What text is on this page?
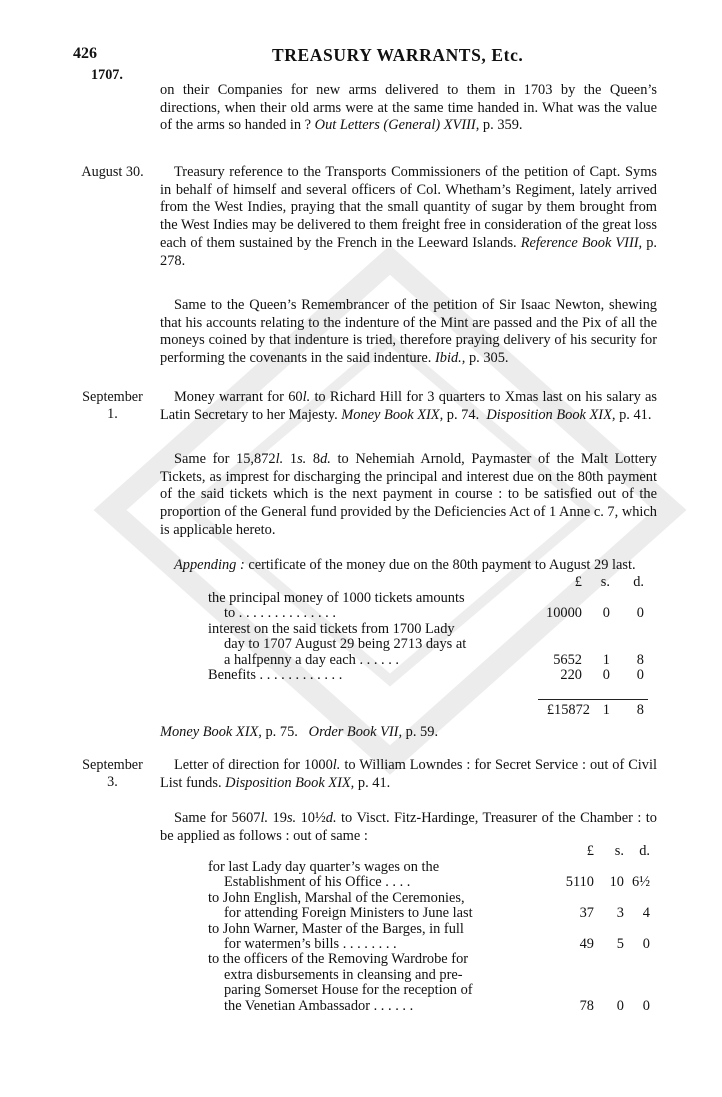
426	TREASURY WARRANTS, Etc.
1707.
on their Companies for new arms delivered to them in 1703 by the Queen’s directions, when their old arms were at the same time handed in. What was the value of the arms so handed in ? Out Letters (General) XVIII, p. 359.
August 30.	Treasury reference to the Transports Commissioners of the petition of Capt. Syms in behalf of himself and several officers of Col. Whetham’s Regiment, lately arrived from the West Indies, praying that the small quantity of sugar by them brought from the West Indies may be delivered to them freight free in consideration of the great loss each of them sustained by the French in the Leeward Islands. Reference Book VIII, p. 278.
Same to the Queen’s Remembrancer of the petition of Sir Isaac Newton, shewing that his accounts relating to the indenture of the Mint are passed and the Pix of all the moneys coined by that indenture is tried, therefore praying delivery of his security for performing the covenants in the said indenture. Ibid., p. 305.
September
1.
Money warrant for 60l. to Richard Hill for 3 quarters to Xmas last on his salary as Latin Secretary to her Majesty. Money Book XIX, p. 74. Disposition Book XIX, p. 41.
Same for 15,872l. 1s. 8d. to Nehemiah Arnold, Paymaster of the Malt Lottery Tickets, as imprest for discharging the principal and interest due on the 80th payment of the said tickets which is the next payment in course : to be satisfied out of the proportion of the General fund provided by the Deficiencies Act of 1 Anne c. 7, which is applicable hereto.
Appending : certificate of the money due on the 80th payment to August 29 last.
£	s.	d.
the principal money of 1000 tickets amounts
to . . . . . . . . . . . . . .	10000	0	0
interest on the said tickets from 1700 Lady
day to 1707 August 29 being 2713 days at
a halfpenny a day each . . . . . .	5652	1	8
Benefits . . . . . . . . . . . .	220	0	0
£15872 1	8
Money Book XIX, p. 75. Order Book VII, p. 59.
September
3.
Letter of direction for 1000l. to William Lowndes : for Secret Service : out of Civil List funds. Disposition Book XIX, p. 41.
Same for 5607l. 19s. 10½d. to Visct. Fitz-Hardinge, Treasurer of the Chamber : to be applied as follows : out of same :
£	s.	d.
for last Lady day quarter’s wages on the
Establishment of his Office . . . .	5110 10 6½
to John English, Marshal of the Ceremonies,
for attending Foreign Ministers to June last	37	3	4
to John Warner, Master of the Barges, in full
for watermen’s bills . . . . . . . .	49	5	0
to the officers of the Removing Wardrobe for
extra disbursements in cleansing and pre-
paring Somerset House for the reception of
the Venetian Ambassador . . . . . .	78	0	0
